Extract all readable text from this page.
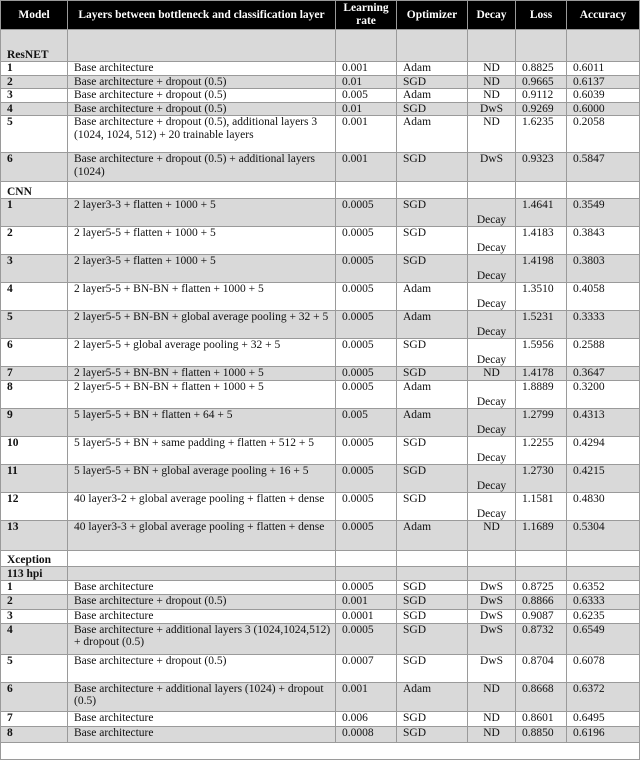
Model	Layers between bottleneck and classification layer	Learning rate	Optimizer	Decay	Loss	Accuracy
ResNET						
1	Base architecture	0.001	Adam	ND	0.8825	0.6011
2	Base architecture + dropout (0.5)	0.01	SGD	ND	0.9665	0.6137
3	Base architecture + dropout (0.5)	0.005	Adam	ND	0.9112	0.6039
4	Base architecture + dropout (0.5)	0.01	SGD	DwS	0.9269	0.6000
5	Base architecture + dropout (0.5), additional layers 3 (1024, 1024, 512) + 20 trainable layers	0.001	Adam	ND	1.6235	0.2058
6	Base architecture + dropout (0.5) + additional layers (1024)	0.001	SGD	DwS	0.9323	0.5847
CNN						
1	2 layer3-3 + flatten + 1000 + 5	0.0005	SGD	Decay	1.4641	0.3549
2	2 layer5-5 + flatten + 1000 + 5	0.0005	SGD	Decay	1.4183	0.3843
3	2 layer3-5 + flatten + 1000 + 5	0.0005	SGD	Decay	1.4198	0.3803
4	2 layer5-5 + BN-BN + flatten + 1000 + 5	0.0005	Adam	Decay	1.3510	0.4058
5	2 layer5-5 + BN-BN + global average pooling + 32 + 5	0.0005	Adam	Decay	1.5231	0.3333
6	2 layer5-5 + global average pooling + 32 + 5	0.0005	SGD	Decay	1.5956	0.2588
7	2 layer5-5 + BN-BN + flatten + 1000 + 5	0.0005	SGD	ND	1.4178	0.3647
8	2 layer5-5 + BN-BN + flatten + 1000 + 5	0.0005	Adam	Decay	1.8889	0.3200
9	5 layer5-5 + BN + flatten + 64 + 5	0.005	Adam	Decay	1.2799	0.4313
10	5 layer5-5 + BN + same padding + flatten + 512 + 5	0.0005	SGD	Decay	1.2255	0.4294
11	5 layer5-5 + BN + global average pooling + 16 + 5	0.0005	SGD	Decay	1.2730	0.4215
12	40 layer3-2 + global average pooling + flatten + dense	0.0005	SGD	Decay	1.1581	0.4830
13	40 layer3-3 + global average pooling + flatten + dense	0.0005	Adam	ND	1.1689	0.5304
Xception						
113 hpi						
1	Base architecture	0.0005	SGD	DwS	0.8725	0.6352
2	Base architecture + dropout (0.5)	0.001	SGD	DwS	0.8866	0.6333
3	Base architecture	0.0001	SGD	DwS	0.9087	0.6235
4	Base architecture + additional layers 3 (1024,1024,512) + dropout (0.5)	0.0005	SGD	DwS	0.8732	0.6549
5	Base architecture + dropout (0.5)	0.0007	SGD	DwS	0.8704	0.6078
6	Base architecture + additional layers (1024) + dropout (0.5)	0.001	Adam	ND	0.8668	0.6372
7	Base architecture	0.006	SGD	ND	0.8601	0.6495
8	Base architecture	0.0008	SGD	ND	0.8850	0.6196
